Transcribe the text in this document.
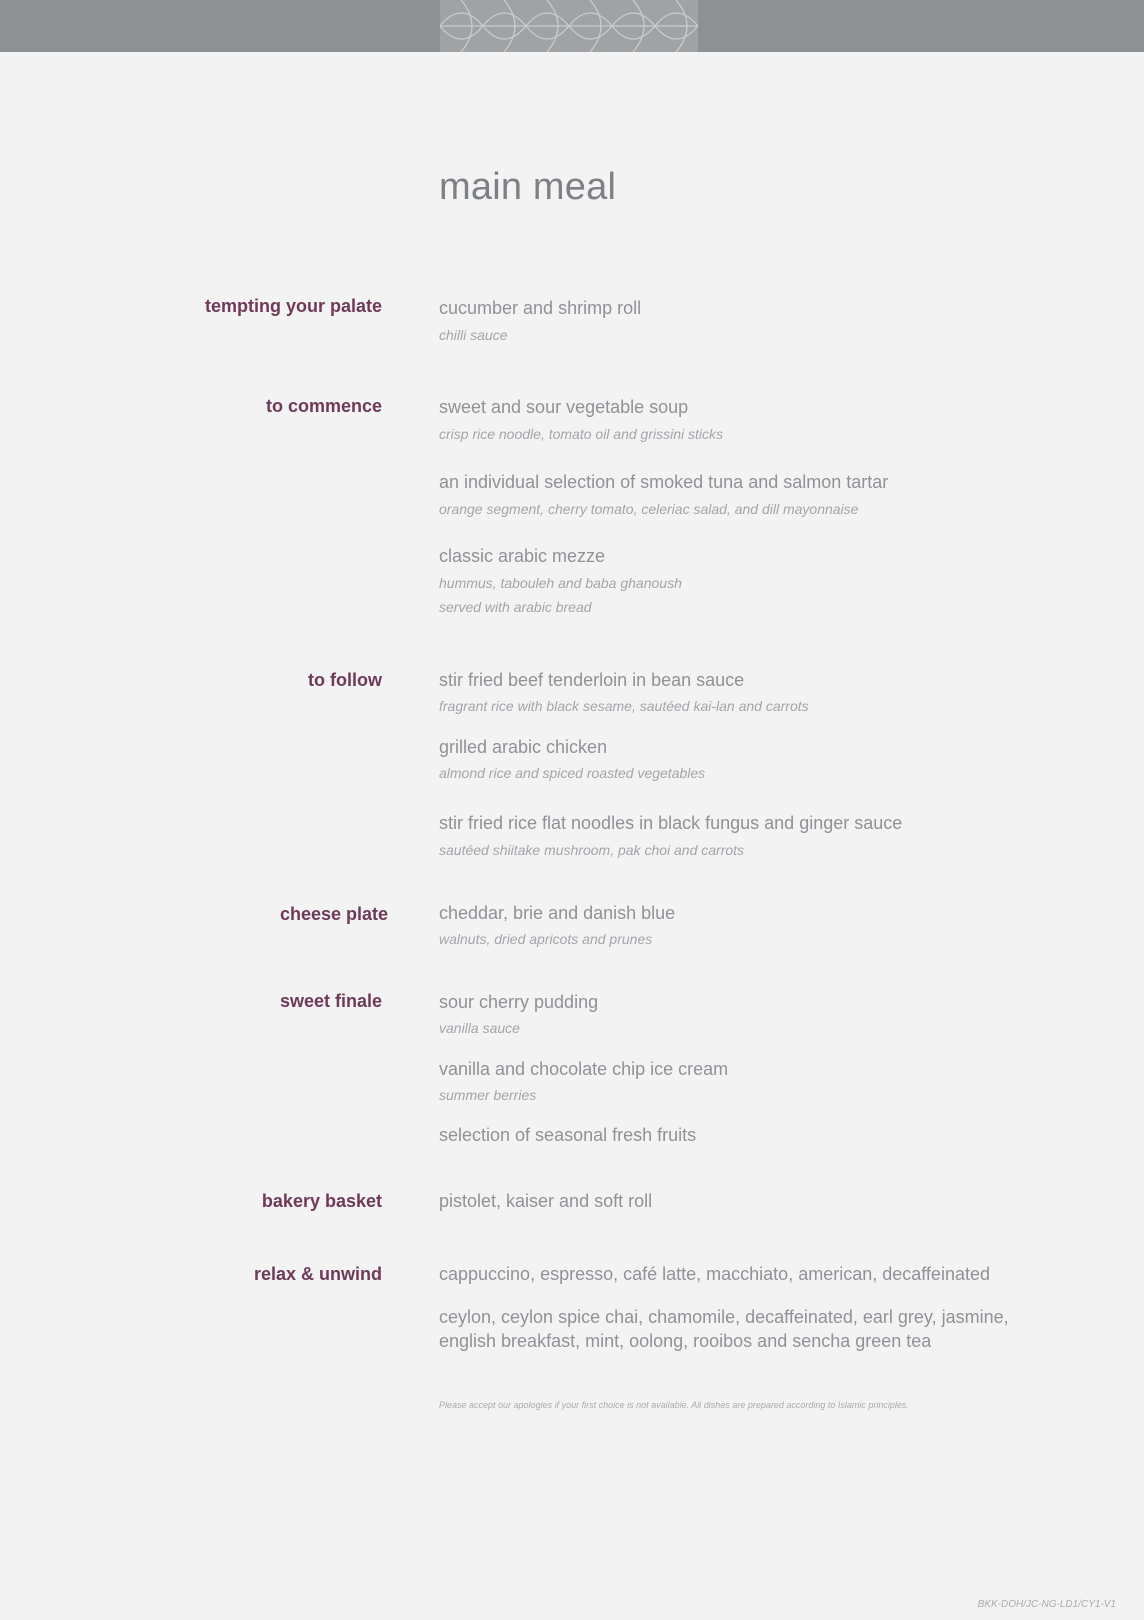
main meal
tempting your palate
to commence
to follow
cheese plate
sweet finale
bakery basket
relax & unwind
cucumber and shrimp roll
chilli sauce
sweet and sour vegetable soup
crisp rice noodle, tomato oil and grissini sticks
an individual selection of smoked tuna and salmon tartar
orange segment, cherry tomato, celeriac salad, and dill mayonnaise
classic arabic mezze
hummus, tabouleh and baba ghanoush
served with arabic bread
stir fried beef tenderloin in bean sauce
fragrant rice with black sesame, sautéed kai-lan and carrots
grilled arabic chicken
almond rice and spiced roasted vegetables
stir fried rice flat noodles in black fungus and ginger sauce
sautéed shiitake mushroom, pak choi and carrots
cheddar, brie and danish blue
walnuts, dried apricots and prunes
sour cherry pudding
vanilla sauce
vanilla and chocolate chip ice cream
summer berries
selection of seasonal fresh fruits
pistolet, kaiser and soft roll
cappuccino, espresso, café latte, macchiato, american, decaffeinated
ceylon, ceylon spice chai, chamomile, decaffeinated, earl grey, jasmine,
english breakfast, mint, oolong, rooibos and sencha green tea
Please accept our apologies if your first choice is not available. All dishes are prepared according to Islamic principles.
BKK-DOH/JC-NG-LD1/CY1-V1
